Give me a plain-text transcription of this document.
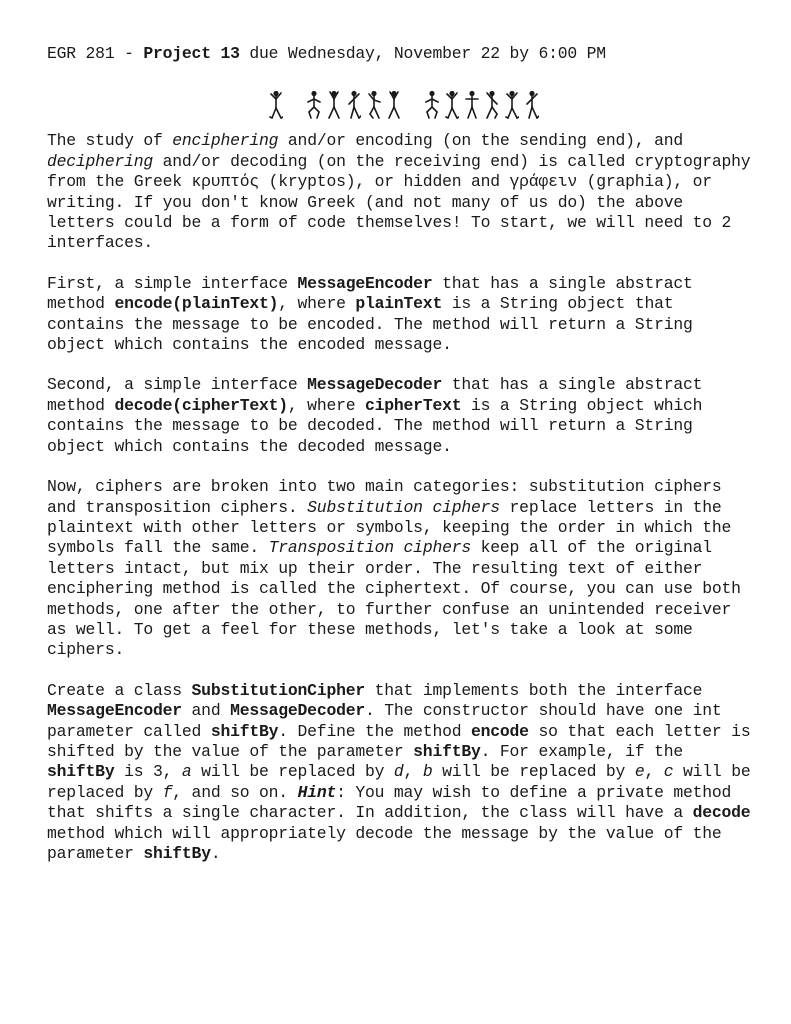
EGR 281 - Project 13 due Wednesday, November 22 by 6:00 PM

The study of enciphering and/or encoding (on the sending end), and deciphering and/or decoding (on the receiving end) is called cryptography from the Greek κρυπτός (kryptos), or hidden and γράφειν (graphia), or writing. If you don't know Greek (and not many of us do) the above letters could be a form of code themselves! To start, we will need to 2 interfaces.

First, a simple interface MessageEncoder that has a single abstract method encode(plainText), where plainText is a String object that contains the message to be encoded. The method will return a String object which contains the encoded message.

Second, a simple interface MessageDecoder that has a single abstract method decode(cipherText), where cipherText is a String object which contains the message to be decoded. The method will return a String object which contains the decoded message.

Now, ciphers are broken into two main categories: substitution ciphers and transposition ciphers. Substitution ciphers replace letters in the plaintext with other letters or symbols, keeping the order in which the symbols fall the same. Transposition ciphers keep all of the original letters intact, but mix up their order. The resulting text of either enciphering method is called the ciphertext. Of course, you can use both methods, one after the other, to further confuse an unintended receiver as well. To get a feel for these methods, let's take a look at some ciphers.

Create a class SubstitutionCipher that implements both the interface MessageEncoder and MessageDecoder. The constructor should have one int parameter called shiftBy. Define the method encode so that each letter is shifted by the value of the parameter shiftBy. For example, if the shiftBy is 3, a will be replaced by d, b will be replaced by e, c will be replaced by f, and so on. Hint: You may wish to define a private method that shifts a single character. In addition, the class will have a decode method which will appropriately decode the message by the value of the parameter shiftBy.
